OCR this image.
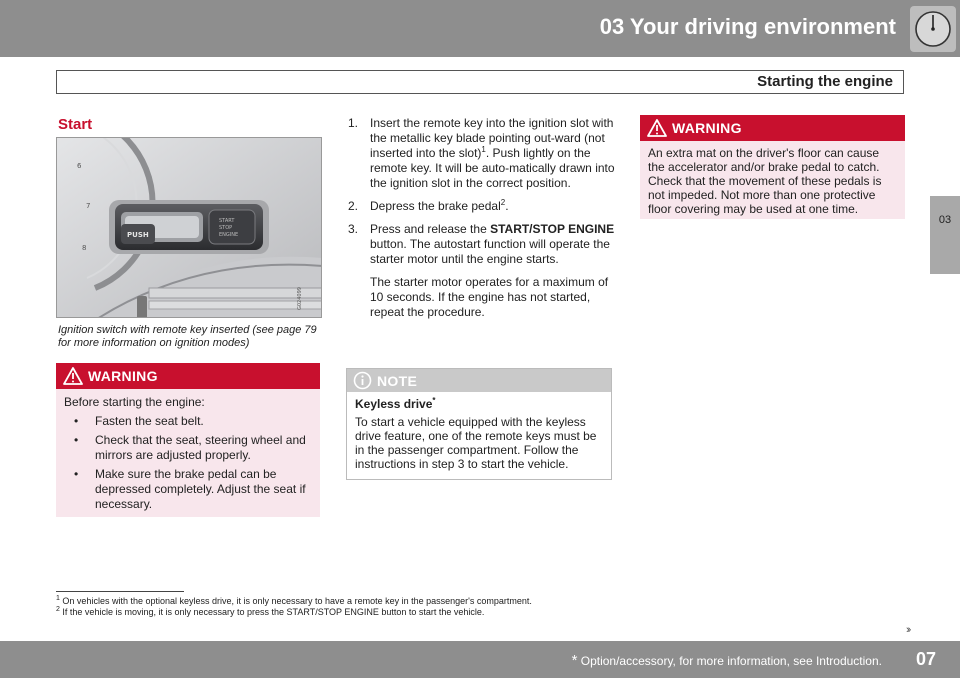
03 Your driving environment
Starting the engine
03
Start
6
7
8
PUSH
START
STOP
ENGINE
G024099
Ignition switch with remote key inserted (see page 79 for more information on ignition modes)
WARNING
Before starting the engine:
• Fasten the seat belt.
• Check that the seat, steering wheel and mirrors are adjusted properly.
• Make sure the brake pedal can be depressed completely. Adjust the seat if necessary.
1. Insert the remote key into the ignition slot with the metallic key blade pointing out-ward (not inserted into the slot)$^1$. Push lightly on the remote key. It will be auto-matically drawn into the ignition slot in the correct position.

2. Depress the brake pedal$^2$.

3. Press and release the START/STOP ENGINE button. The autostart function will operate the starter motor until the engine starts.

The starter motor operates for a maximum of 10 seconds. If the engine has not started, repeat the procedure.

NOTE
Keyless drive*
To start a vehicle equipped with the keyless drive feature, one of the remote keys must be in the passenger compartment. Follow the instructions in step 3 to start the vehicle.
WARNING
An extra mat on the driver's floor can cause the accelerator and/or brake pedal to catch. Check that the movement of these pedals is not impeded. Not more than one protective floor covering may be used at one time.
$^1$ On vehicles with the optional keyless drive, it is only necessary to have a remote key in the passenger's compartment.
$^2$ If the vehicle is moving, it is only necessary to press the START/STOP ENGINE button to start the vehicle.
››
* Option/accessory, for more information, see Introduction. 07
